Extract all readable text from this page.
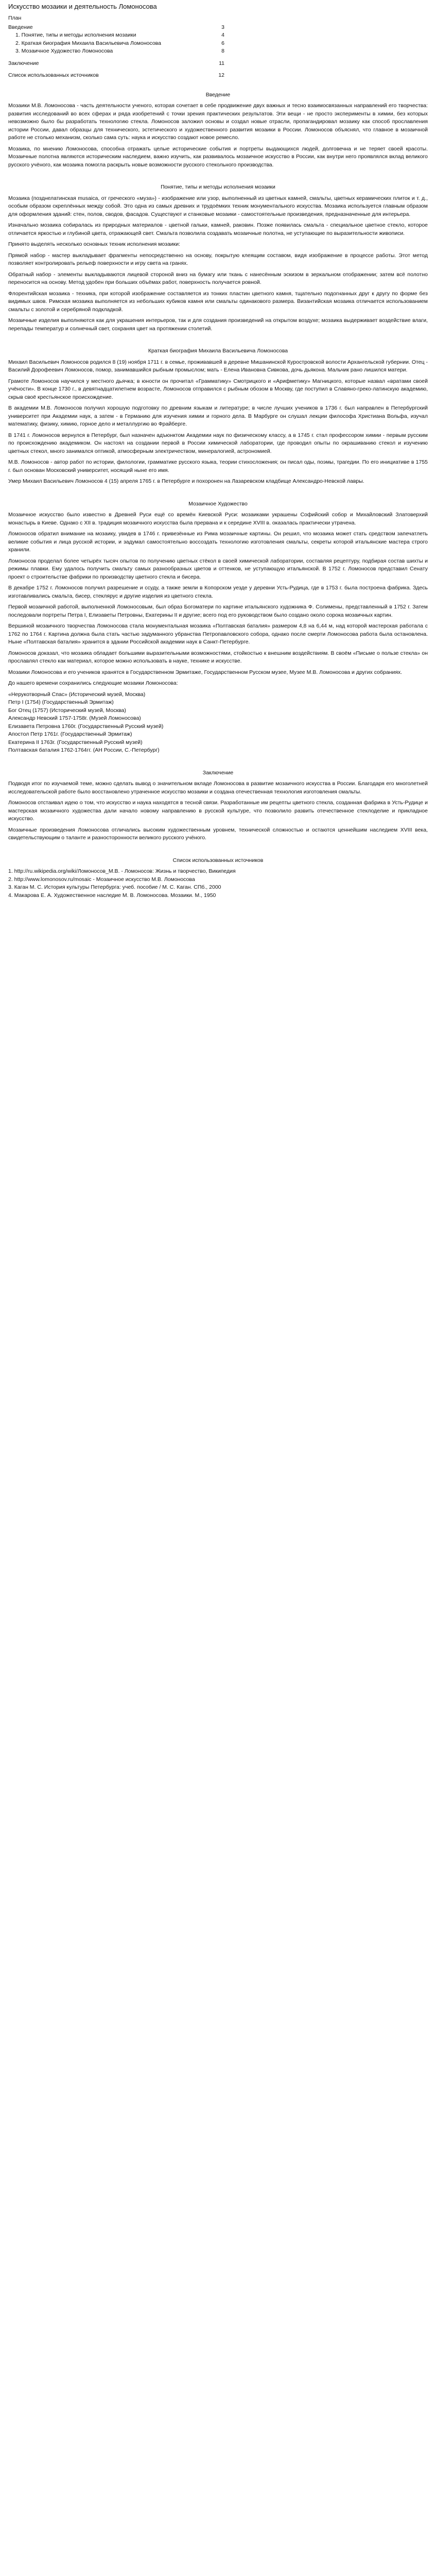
Искусство мозаики и деятельность Ломоносова
План
Введение	3
1. Понятие, типы и методы исполнения мозаики	4
2. Краткая биография Михаила Васильевича Ломоносова	6
3. Мозаичное Художество Ломоносова	8
Заключение	11
Список использованных источников	12
Введение

Мозаики М.В. Ломоносова - часть деятельности ученого, которая сочетает в себе продвижение двух важных и тесно взаимосвязанных направлений его творчества: развития исследований во всех сферах и ряда изобретений с точки зрения практических результатов. Эти вещи - не просто эксперименты в химии, без которых невозможно было бы разработать технологию стекла. Ломоносов заложил основы и создал новые отрасли, пропагандировал мозаику как способ прославления истории России, давал образцы для технического, эстетического и художественного развития мозаики в России. Ломоносов объяснял, что главное в мозаичной работе не столько механизм, сколько сама суть: наука и искусство создают новое ремесло.

Мозаика, по мнению Ломоносова, способна отражать целые исторические события и портреты выдающихся людей, долговечна и не теряет своей красоты. Мозаичные полотна являются историческим наследием, важно изучить, как развивалось мозаичное искусство в России, как внутри него проявлялся вклад великого русского учёного, как мозаика помогла раскрыть новые возможности русского стекольного производства.

Понятие, типы и методы исполнения мозаики

Мозаика (позднелатинская musaica, от греческого «муза») - изображение или узор, выполненный из цветных камней, смальты, цветных керамических плиток и т. д., особым образом скреплённых между собой. Это одна из самых древних и трудоёмких техник монументального искусства. Мозаика используется главным образом для оформления зданий: стен, полов, сводов, фасадов. Существуют и станковые мозаики - самостоятельные произведения, предназначенные для интерьера.

Изначально мозаика собиралась из природных материалов - цветной гальки, камней, раковин. Позже появилась смальта - специальное цветное стекло, которое отличается яркостью и глубиной цвета, отражающей свет. Смальта позволила создавать мозаичные полотна, не уступающие по выразительности живописи.

Принято выделять несколько основных техник исполнения мозаики:

Прямой набор - мастер выкладывает фрагменты непосредственно на основу, покрытую клеящим составом, видя изображение в процессе работы. Этот метод позволяет контролировать рельеф поверхности и игру света на гранях.

Обратный набор - элементы выкладываются лицевой стороной вниз на бумагу или ткань с нанесённым эскизом в зеркальном отображении; затем всё полотно переносится на основу. Метод удобен при больших объёмах работ, поверхность получается ровной.

Флорентийская мозаика - техника, при которой изображение составляется из тонких пластин цветного камня, тщательно подогнанных друг к другу по форме без видимых швов. Римская мозаика выполняется из небольших кубиков камня или смальты одинакового размера. Византийская мозаика отличается использованием смальты с золотой и серебряной подкладкой.

Мозаичные изделия выполняются как для украшения интерьеров, так и для создания произведений на открытом воздухе; мозаика выдерживает воздействие влаги, перепады температур и солнечный свет, сохраняя цвет на протяжении столетий.

Краткая биография Михаила Васильевича Ломоносова

Михаил Васильевич Ломоносов родился 8 (19) ноября 1711 г. в семье, проживавшей в деревне Мишанинской Куростровской волости Архангельской губернии. Отец - Василий Дорофеевич Ломоносов, помор, занимавшийся рыбным промыслом; мать - Елена Ивановна Сивкова, дочь дьякона. Мальчик рано лишился матери.

Грамоте Ломоносов научился у местного дьячка; в юности он прочитал «Грамматику» Смотрицкого и «Арифметику» Магницкого, которые назвал «вратами своей учёности». В конце 1730 г., в девятнадцатилетнем возрасте, Ломоносов отправился с рыбным обозом в Москву, где поступил в Славяно-греко-латинскую академию, скрыв своё крестьянское происхождение.

В академии М.В. Ломоносов получил хорошую подготовку по древним языкам и литературе; в числе лучших учеников в 1736 г. был направлен в Петербургский университет при Академии наук, а затем - в Германию для изучения химии и горного дела. В Марбурге он слушал лекции философа Христиана Вольфа, изучал математику, физику, химию, горное дело и металлургию во Фрайберге.

В 1741 г. Ломоносов вернулся в Петербург, был назначен адъюнктом Академии наук по физическому классу, а в 1745 г. стал профессором химии - первым русским по происхождению академиком. Он настоял на создании первой в России химической лаборатории, где проводил опыты по окрашиванию стекол и изучению цветных стекол, много занимался оптикой, атмосферным электричеством, минералогией, астрономией.

М.В. Ломоносов - автор работ по истории, филологии, грамматике русского языка, теории стихосложения; он писал оды, поэмы, трагедии. По его инициативе в 1755 г. был основан Московский университет, носящий ныне его имя.

Умер Михаил Васильевич Ломоносов 4 (15) апреля 1765 г. в Петербурге и похоронен на Лазаревском кладбище Александро-Невской лавры.

Мозаичное Художество

Мозаичное искусство было известно в Древней Руси ещё со времён Киевской Руси: мозаиками украшены Софийский собор и Михайловский Златоверхий монастырь в Киеве. Однако с XII в. традиция мозаичного искусства была прервана и к середине XVIII в. оказалась практически утрачена.

Ломоносов обратил внимание на мозаику, увидев в 1746 г. привезённые из Рима мозаичные картины. Он решил, что мозаика может стать средством запечатлеть великие события и лица русской истории, и задумал самостоятельно воссоздать технологию изготовления смальты, секреты которой итальянские мастера строго хранили.

Ломоносов проделал более четырёх тысяч опытов по получению цветных стёкол в своей химической лаборатории, составляя рецептуру, подбирая состав шихты и режимы плавки. Ему удалось получить смальту самых разнообразных цветов и оттенков, не уступающую итальянской. В 1752 г. Ломоносов представил Сенату проект о строительстве фабрики по производству цветного стекла и бисера.

В декабре 1752 г. Ломоносов получил разрешение и ссуду, а также земли в Копорском уезде у деревни Усть-Рудица, где в 1753 г. была построена фабрика. Здесь изготавливались смальта, бисер, стеклярус и другие изделия из цветного стекла.

Первой мозаичной работой, выполненной Ломоносовым, был образ Богоматери по картине итальянского художника Ф. Солимены, представленный в 1752 г. Затем последовали портреты Петра I, Елизаветы Петровны, Екатерины II и другие; всего под его руководством было создано около сорока мозаичных картин.

Вершиной мозаичного творчества Ломоносова стала монументальная мозаика «Полтавская баталия» размером 4,8 на 6,44 м, над которой мастерская работала с 1762 по 1764 г. Картина должна была стать частью задуманного убранства Петропавловского собора, однако после смерти Ломоносова работа была остановлена. Ныне «Полтавская баталия» хранится в здании Российской академии наук в Санкт-Петербурге.

Ломоносов доказал, что мозаика обладает большими выразительными возможностями, стойкостью к внешним воздействиям. В своём «Письме о пользе стекла» он прославлял стекло как материал, которое можно использовать в науке, технике и искусстве.

Мозаики Ломоносова и его учеников хранятся в Государственном Эрмитаже, Государственном Русском музее, Музее М.В. Ломоносова и других собраниях.

До нашего времени сохранились следующие мозаики Ломоносова:

«Нерукотворный Спас» (Исторический музей, Москва)
Петр I (1754) (Государственный Эрмитаж)
Бог Отец (1757) (Исторический музей, Москва)
Александр Невский 1757-1758г. (Музей Ломоносова)
Елизавета Петровна 1760г. (Государственный Русский музей)
Апостол Петр 1761г. (Государственный Эрмитаж)
Екатерина II 1763г. (Государственный Русский музей)
Полтавская баталия 1762-1764гг. (АН России, С.-Петербург)
Заключение

Подводя итог по изучаемой теме, можно сделать вывод о значительном вкладе Ломоносова в развитие мозаичного искусства в России. Благодаря его многолетней исследовательской работе было восстановлено утраченное искусство мозаики и создана отечественная технология изготовления смальты.

Ломоносов отстаивал идею о том, что искусство и наука находятся в тесной связи. Разработанные им рецепты цветного стекла, созданная фабрика в Усть-Рудице и мастерская мозаичного художества дали начало новому направлению в русской культуре, что позволило развить отечественное стеклоделие и прикладное искусство.

Мозаичные произведения Ломоносова отличались высоким художественным уровнем, технической сложностью и остаются ценнейшим наследием XVIII века, свидетельствующим о таланте и разносторонности великого русского учёного.

Список использованных источников
1. http://ru.wikipedia.org/wiki/Ломоносов_М.В. - Ломоносов: Жизнь и творчество, Википедия
2. http://www.lomonosov.ru/mosaic - Мозаичное искусство М.В. Ломоносова
3. Каган М. С. История культуры Петербурга: учеб. пособие / М. С. Каган. СПб., 2000
4. Макарова Е. А. Художественное наследие М. В. Ломоносова. Мозаики. М., 1950
